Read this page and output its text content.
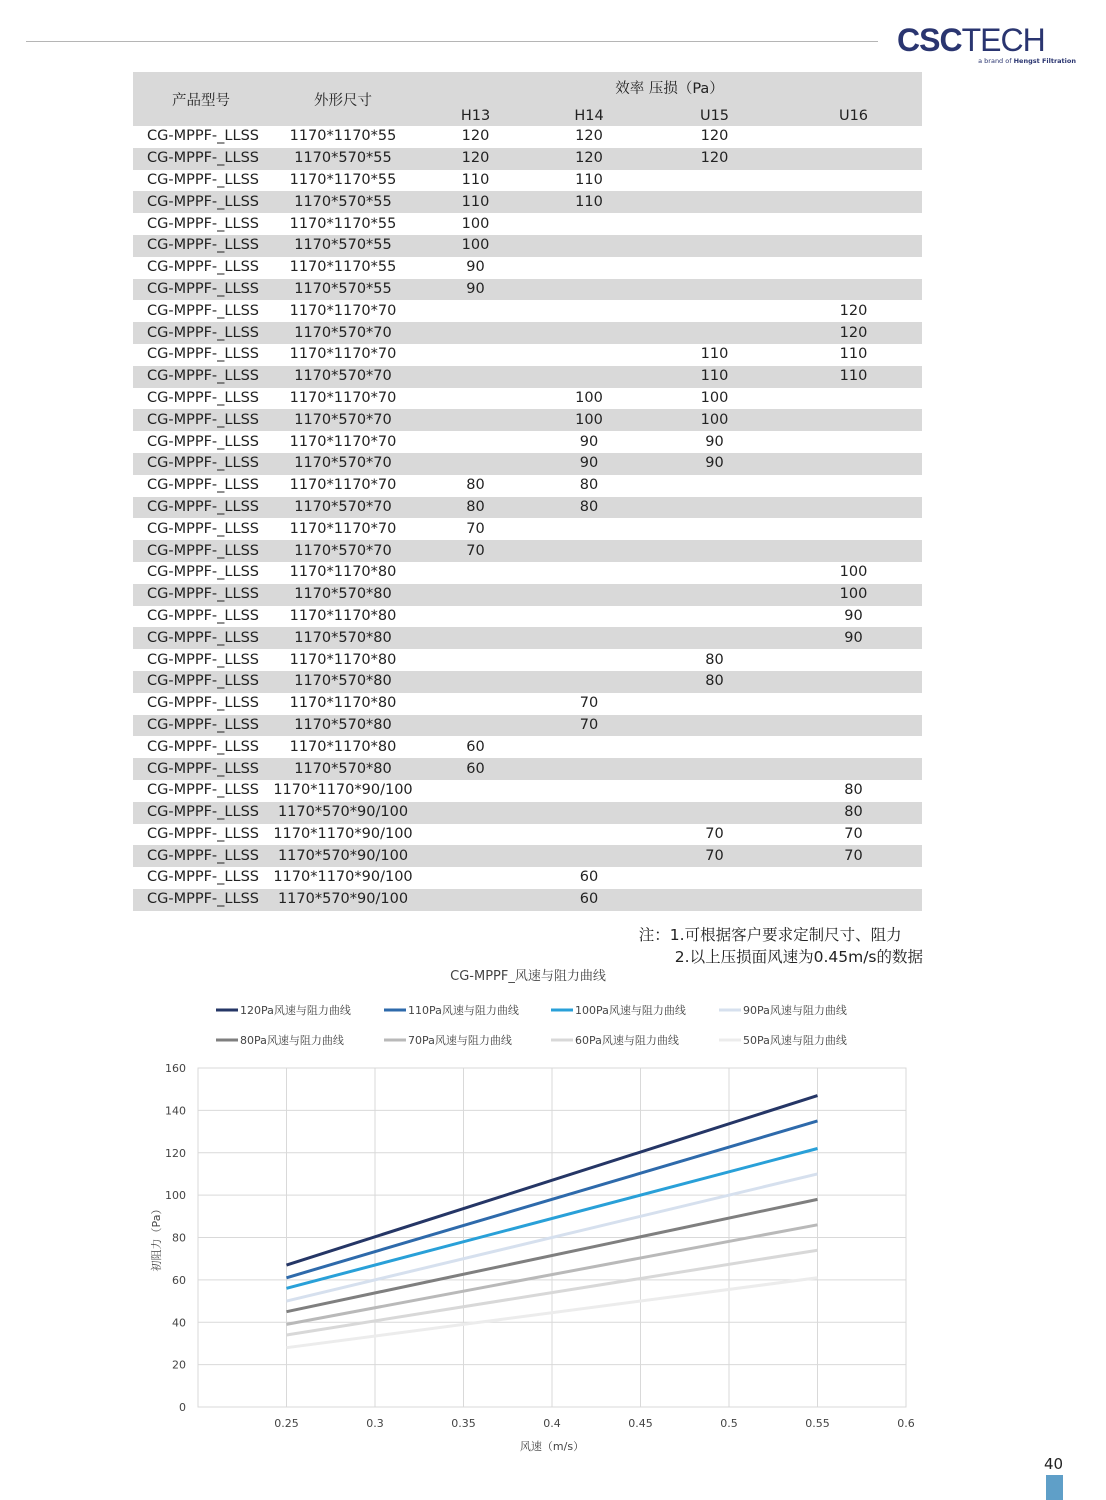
CSCTECH
a brand of Hengst Filtration
产品型号	外形尺寸	效率 压损（Pa）			
		H13	H14	U15	U16
CG-MPPF-_LLSS	1170*1170*55	120	120	120	
CG-MPPF-_LLSS	1170*570*55	120	120	120	
CG-MPPF-_LLSS	1170*1170*55	110	110		
CG-MPPF-_LLSS	1170*570*55	110	110		
CG-MPPF-_LLSS	1170*1170*55	100			
CG-MPPF-_LLSS	1170*570*55	100			
CG-MPPF-_LLSS	1170*1170*55	90			
CG-MPPF-_LLSS	1170*570*55	90			
CG-MPPF-_LLSS	1170*1170*70				120
CG-MPPF-_LLSS	1170*570*70				120
CG-MPPF-_LLSS	1170*1170*70			110	110
CG-MPPF-_LLSS	1170*570*70			110	110
CG-MPPF-_LLSS	1170*1170*70		100	100	
CG-MPPF-_LLSS	1170*570*70		100	100	
CG-MPPF-_LLSS	1170*1170*70		90	90	
CG-MPPF-_LLSS	1170*570*70		90	90	
CG-MPPF-_LLSS	1170*1170*70	80	80		
CG-MPPF-_LLSS	1170*570*70	80	80		
CG-MPPF-_LLSS	1170*1170*70	70			
CG-MPPF-_LLSS	1170*570*70	70			
CG-MPPF-_LLSS	1170*1170*80				100
CG-MPPF-_LLSS	1170*570*80				100
CG-MPPF-_LLSS	1170*1170*80				90
CG-MPPF-_LLSS	1170*570*80				90
CG-MPPF-_LLSS	1170*1170*80			80	
CG-MPPF-_LLSS	1170*570*80			80	
CG-MPPF-_LLSS	1170*1170*80		70		
CG-MPPF-_LLSS	1170*570*80		70		
CG-MPPF-_LLSS	1170*1170*80	60			
CG-MPPF-_LLSS	1170*570*80	60			
CG-MPPF-_LLSS	1170*1170*90/100				80
CG-MPPF-_LLSS	1170*570*90/100				80
CG-MPPF-_LLSS	1170*1170*90/100			70	70
CG-MPPF-_LLSS	1170*570*90/100			70	70
CG-MPPF-_LLSS	1170*1170*90/100		60		
CG-MPPF-_LLSS	1170*570*90/100		60		
注：1.可根据客户要求定制尺寸、阻力
2.以上压损面风速为0.45m/s的数据
CG-MPPF_风速与阻力曲线
120Pa风速与阻力曲线	110Pa风速与阻力曲线	100Pa风速与阻力曲线	90Pa风速与阻力曲线
80Pa风速与阻力曲线	70Pa风速与阻力曲线	60Pa风速与阻力曲线	50Pa风速与阻力曲线
0
20
40
60
80
100
120
140
160
0.25	0.3	0.35	0.4	0.45	0.5	0.55	0.6
风速（m/s）
初阻力（Pa）
40
